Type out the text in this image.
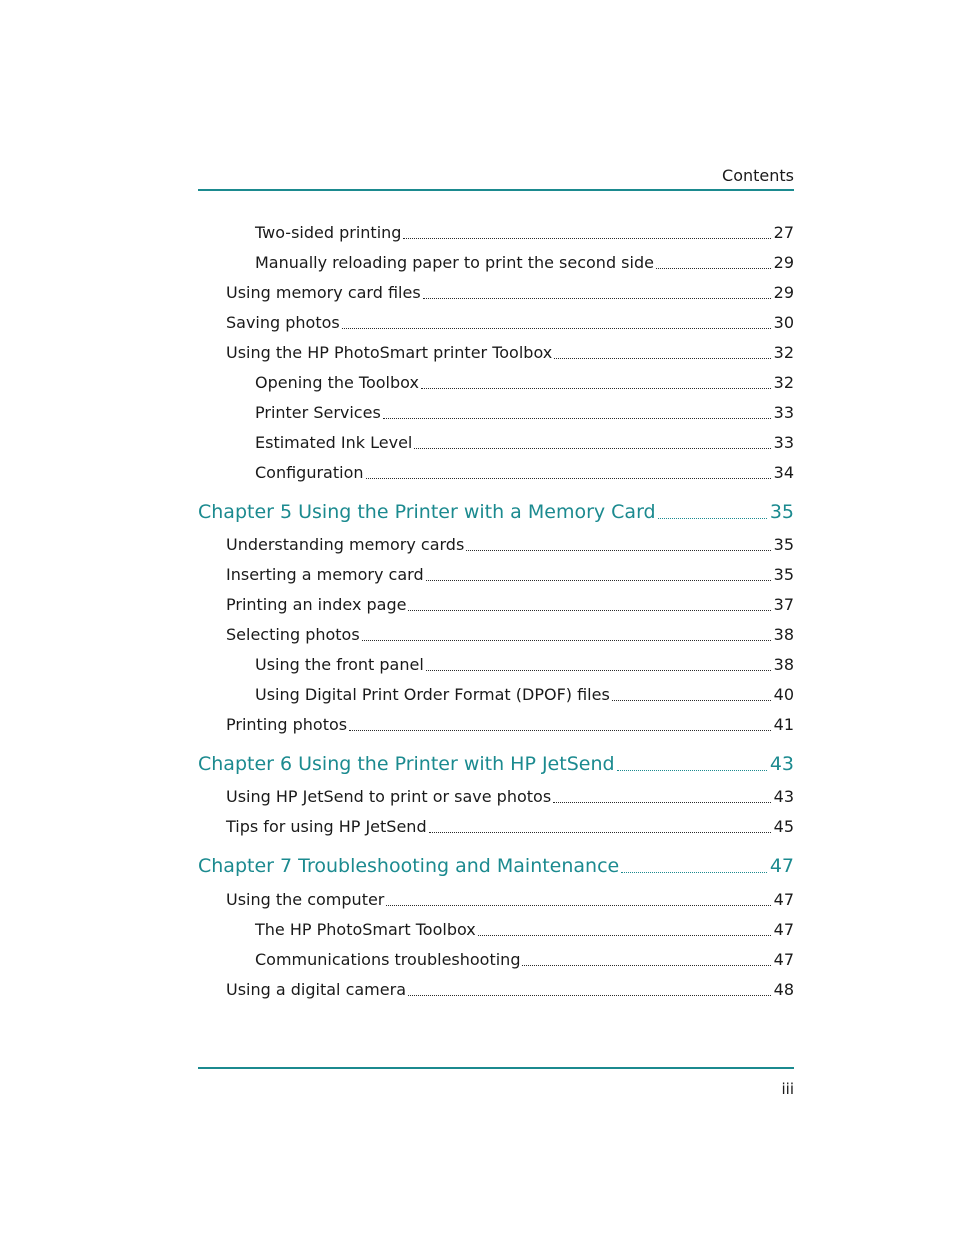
Contents
Two-sided printing	27
Manually reloading paper to print the second side	29
Using memory card files	29
Saving photos	30
Using the HP PhotoSmart printer Toolbox	32
Opening the Toolbox	32
Printer Services	33
Estimated Ink Level	33
Configuration	34
Chapter 5 Using the Printer with a Memory Card	35
Understanding memory cards	35
Inserting a memory card	35
Printing an index page	37
Selecting photos	38
Using the front panel	38
Using Digital Print Order Format (DPOF) files	40
Printing photos	41
Chapter 6 Using the Printer with HP JetSend	43
Using HP JetSend to print or save photos	43
Tips for using HP JetSend	45
Chapter 7 Troubleshooting and Maintenance	47
Using the computer	47
The HP PhotoSmart Toolbox	47
Communications troubleshooting	47
Using a digital camera	48
iii
